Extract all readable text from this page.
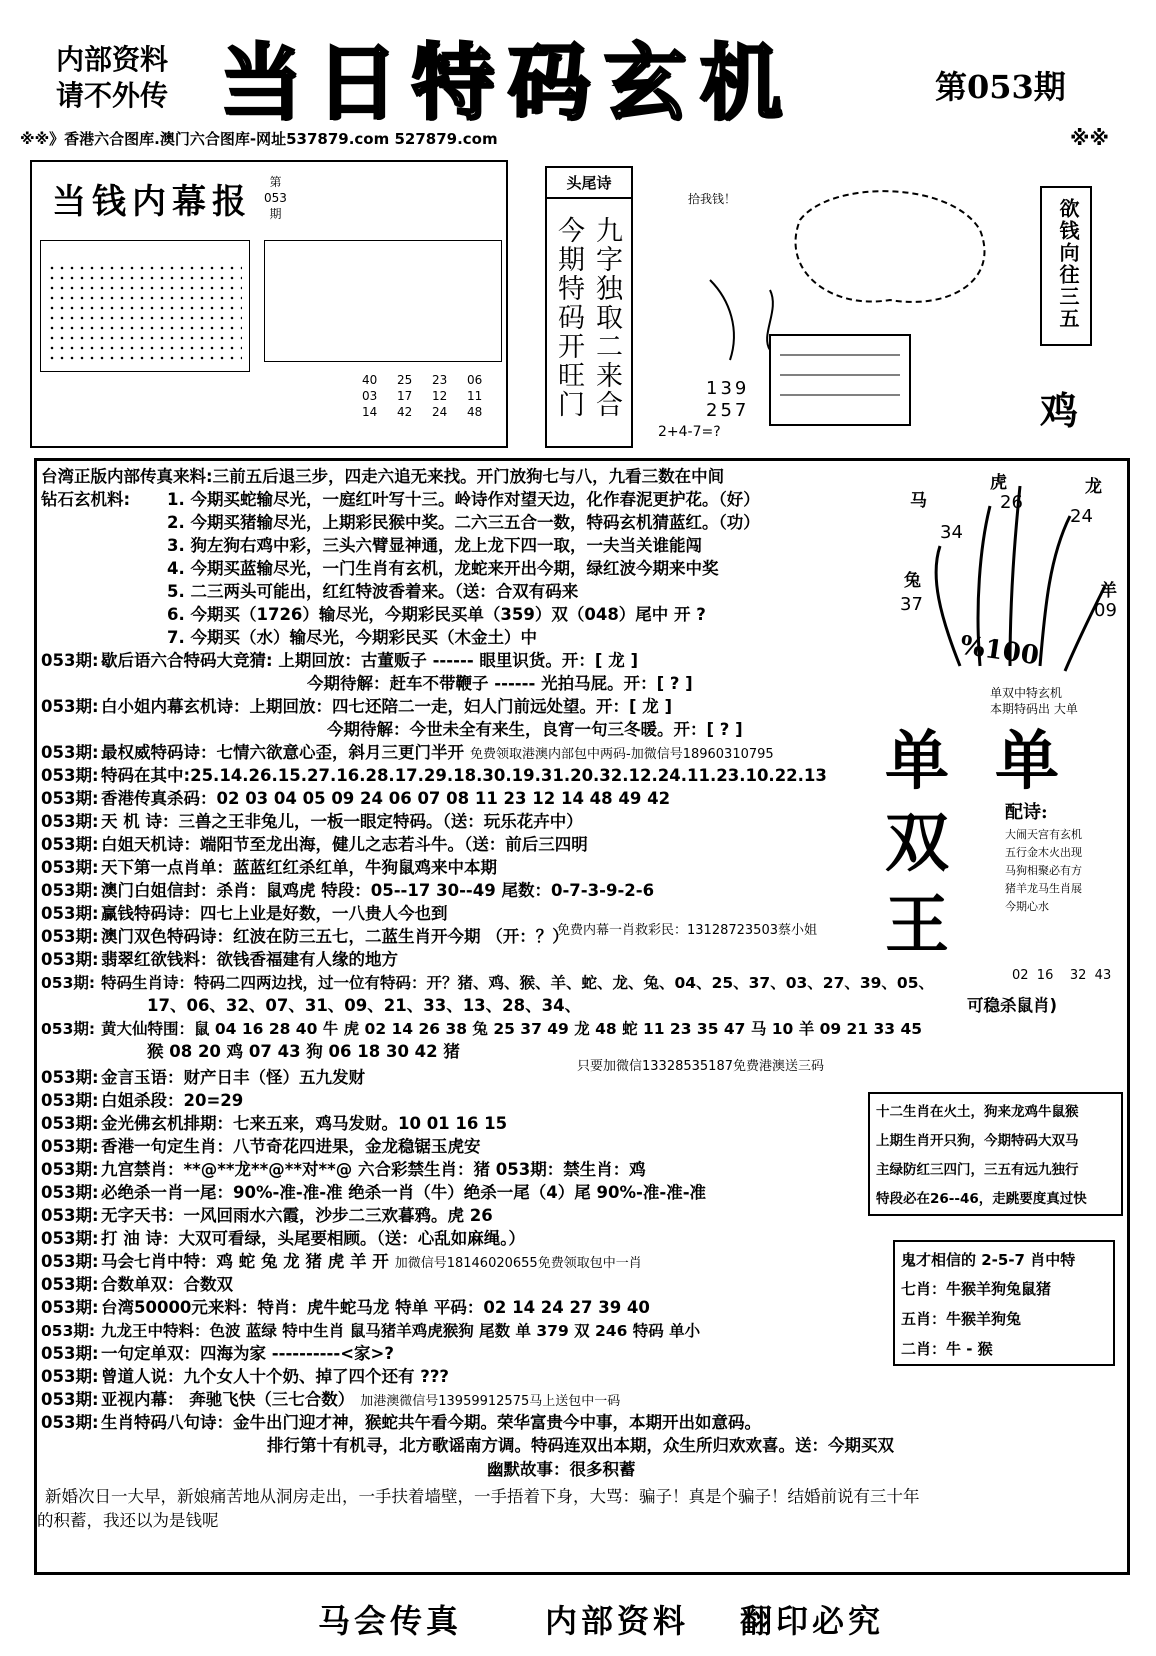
内部资料
请不外传 当日特码玄机	第053期
※※》香港六合图库.澳门六合图库-网址537879.com 527879.com	※※
当钱内幕报	第
053
期
40	25	23	06
03	17	12	11
14	42	24	48
头尾诗
九字独取二来合
今期特码开旺门
拾我钱！
139
257
2+4-7=?
欲钱向往三五
鸡
台湾正版内部传真来料:三前五后退三步，四走六追无来找。开门放狗七与八，九看三数在中间
钻石玄机料: 1. 今期买蛇输尽光，一庭红叶写十三。岭诗作对望天边，化作春泥更护花。（好）
2. 今期买猪输尽光，上期彩民猴中奖。二六三五合一数，特码玄机猜蓝红。（功）
3. 狗左狗右鸡中彩，三头六臂显神通，龙上龙下四一取，一夫当关谁能闯
4. 今期买蓝输尽光，一门生肖有玄机，龙蛇来开出今期，绿红波今期来中奖
5. 二三两头可能出，红红特波香着来。（送：合双有码来
6. 今期买（1726）输尽光，今期彩民买单（359）双（048）尾中 开 ?
7. 今期买（水）输尽光，今期彩民买（木金土）中
053期: 歇后语六合特码大竞猜: 上期回放：古董贩子 ------ 眼里识货。开：[ 龙 ]
今期待解：赶车不带鞭子 ------ 光拍马屁。开：[ ? ]
053期: 白小姐内幕玄机诗：上期回放：四七还陪二一走，妇人门前远处望。开：[ 龙 ]
今期待解：今世未全有来生，良宵一句三冬暖。开：[ ? ]
053期: 最权威特码诗：七情六欲意心歪，斜月三更门半开 免费领取港澳内部包中两码-加微信号18960310795
053期: 特码在其中:25.14.26.15.27.16.28.17.29.18.30.19.31.20.32.12.24.11.23.10.22.13
053期: 香港传真杀码：02 03 04 05 09 24 06 07 08 11 23 12 14 48 49 42
053期: 天 机 诗：三兽之王非兔儿，一板一眼定特码。（送：玩乐花卉中）
053期: 白姐天机诗：端阳节至龙出海，健儿之志若斗牛。（送：前后三四明
053期: 天下第一点肖单：蓝蓝红红杀红单，牛狗鼠鸡来中本期
053期: 澳门白姐信封：杀肖：鼠鸡虎 特段：05--17 30--49 尾数：0-7-3-9-2-6
053期: 赢钱特码诗：四七上业是好数，一八贵人今也到
免费内幕一肖救彩民：13128723503蔡小姐
053期: 澳门双色特码诗：红波在防三五七，二蓝生肖开今期 （开：？）
053期: 翡翠红欲钱料：欲钱香福建有人缘的地方
053期: 特码生肖诗：特码二四两边找，过一位有特码：开？猪、鸡、猴、羊、蛇、龙、兔、04、25、37、03、27、39、05、
17、06、32、07、31、09、21、33、13、28、34、	可稳杀鼠肖)
053期: 黄大仙特围：鼠 04 16 28 40 牛 虎 02 14 26 38 兔 25 37 49 龙 48 蛇 11 23 35 47 马 10 羊 09 21 33 45
猴 08 20 鸡 07 43 狗 06 18 30 42 猪
只要加微信13328535187免费港澳送三码
053期: 金言玉语：财产日丰（怪）五九发财
053期: 白姐杀段：20=29
053期: 金光佛玄机排期：七来五来，鸡马发财。10 01 16 15
053期: 香港一句定生肖：八节奇花四进果，金龙稳锯玉虎安
053期: 九宫禁肖：**@**龙**@**对**@ 六合彩禁生肖：猪 053期：禁生肖：鸡
053期: 必绝杀一肖一尾：90%-准-准-准 绝杀一肖（牛）绝杀一尾（4）尾 90%-准-准-准
053期: 无字天书：一风回雨水六霞，沙步二三欢暮鸦。虎 26
053期: 打 油 诗：大双可看绿，头尾要相顾。（送：心乱如麻绳。）
053期: 马会七肖中特：鸡 蛇 兔 龙 猪 虎 羊 开 加微信号18146020655免费领取包中一肖
053期: 合数单双：合数双
053期: 台湾50000元来料：特肖：虎牛蛇马龙 特单 平码：02 14 24 27 39 40
053期: 九龙王中特料：色波 蓝绿 特中生肖 鼠马猪羊鸡虎猴狗 尾数 单 379 双 246 特码 单小
053期: 一句定单双：四海为家 ----------<家>?
053期: 曾道人说：九个女人十个奶、掉了四个还有 ???
053期: 亚视内幕： 奔驰飞快（三七合数） 加港澳微信号13959912575马上送包中一码
053期: 生肖特码八句诗：金牛出门迎才神，猴蛇共午看今期。荣华富贵今中事，本期开出如意码。
排行第十有机寻，北方歌谣南方调。特码连双出本期，众生所归欢欢喜。送：今期买双
幽默故事：很多积蓄
新婚次日一大早，新娘痛苦地从洞房走出，一手扶着墙壁，一手捂着下身，大骂：骗子！真是个骗子！结婚前说有三十年
的积蓄，我还以为是钱呢
马
虎	龙
兔	羊
26
24
34
37	09
%100
单双中特玄机
本期特码出 大单
单
双
王
单
配诗:
大闹天宫有玄机
五行金木火出现
马狗相聚必有方
猪羊龙马生肖展
今期心水
02  16    32  43
十二生肖在火土，狗来龙鸡牛鼠猴
上期生肖开只狗，今期特码大双马
主绿防红三四门，三五有远九独行
特段必在26--46，走跳要度真过快
鬼才相信的 2-5-7 肖中特
七肖：牛猴羊狗兔鼠猪
五肖：牛猴羊狗兔
二肖：牛 - 猴
马会传真	内部资料 翻印必究
